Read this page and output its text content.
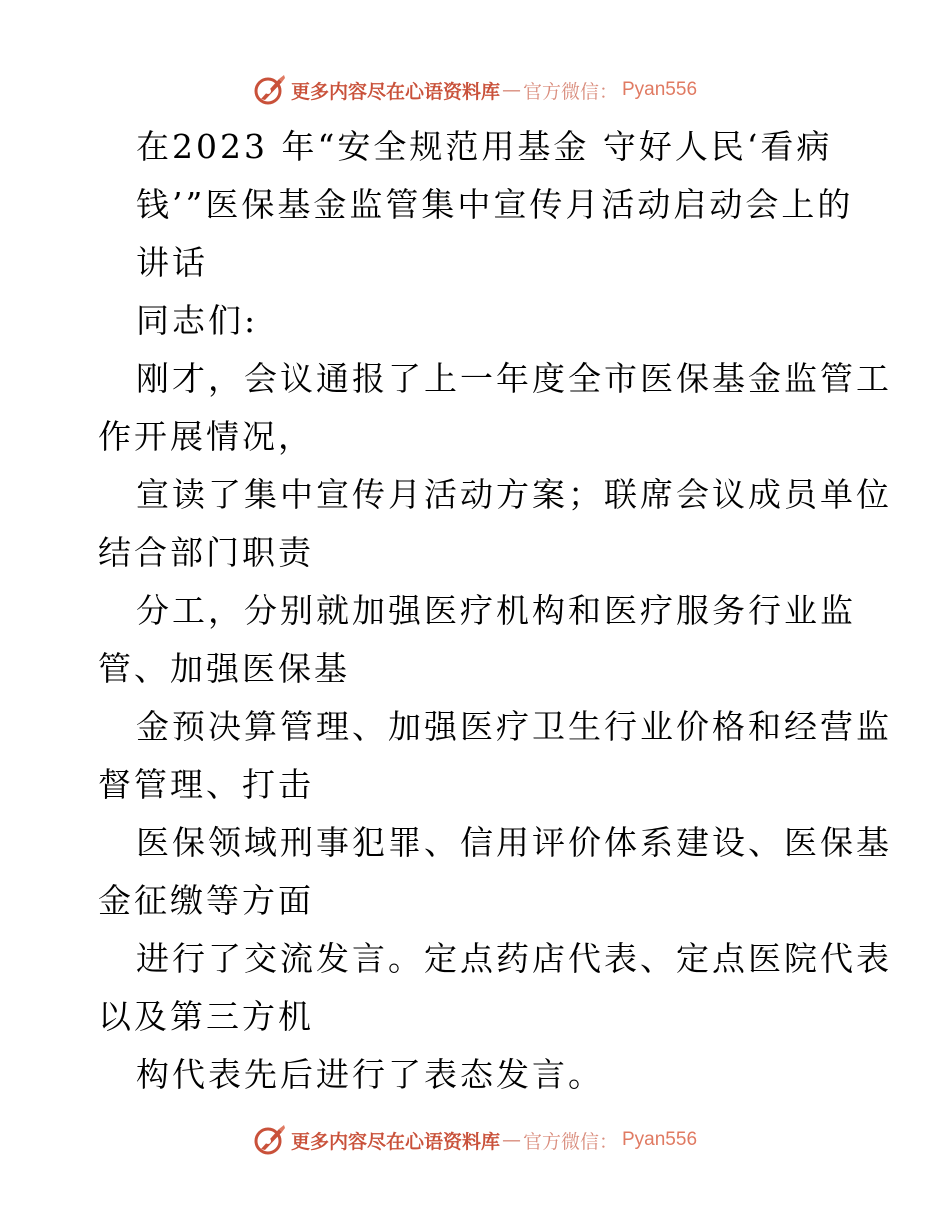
更多内容尽在心语资料库 — 官方微信： Pyan556
在2023 年“安全规范用基金 守好人民‘看病
钱’”医保基金监管集中宣传月活动启动会上的
讲话
同志们:
刚才，会议通报了上一年度全市医保基金监管工
作开展情况，
宣读了集中宣传月活动方案；联席会议成员单位
结合部门职责
分工，分别就加强医疗机构和医疗服务行业监
管、加强医保基
金预决算管理、加强医疗卫生行业价格和经营监
督管理、打击
医保领域刑事犯罪、信用评价体系建设、医保基
金征缴等方面
进行了交流发言。定点药店代表、定点医院代表
以及第三方机
构代表先后进行了表态发言。
更多内容尽在心语资料库 — 官方微信： Pyan556
